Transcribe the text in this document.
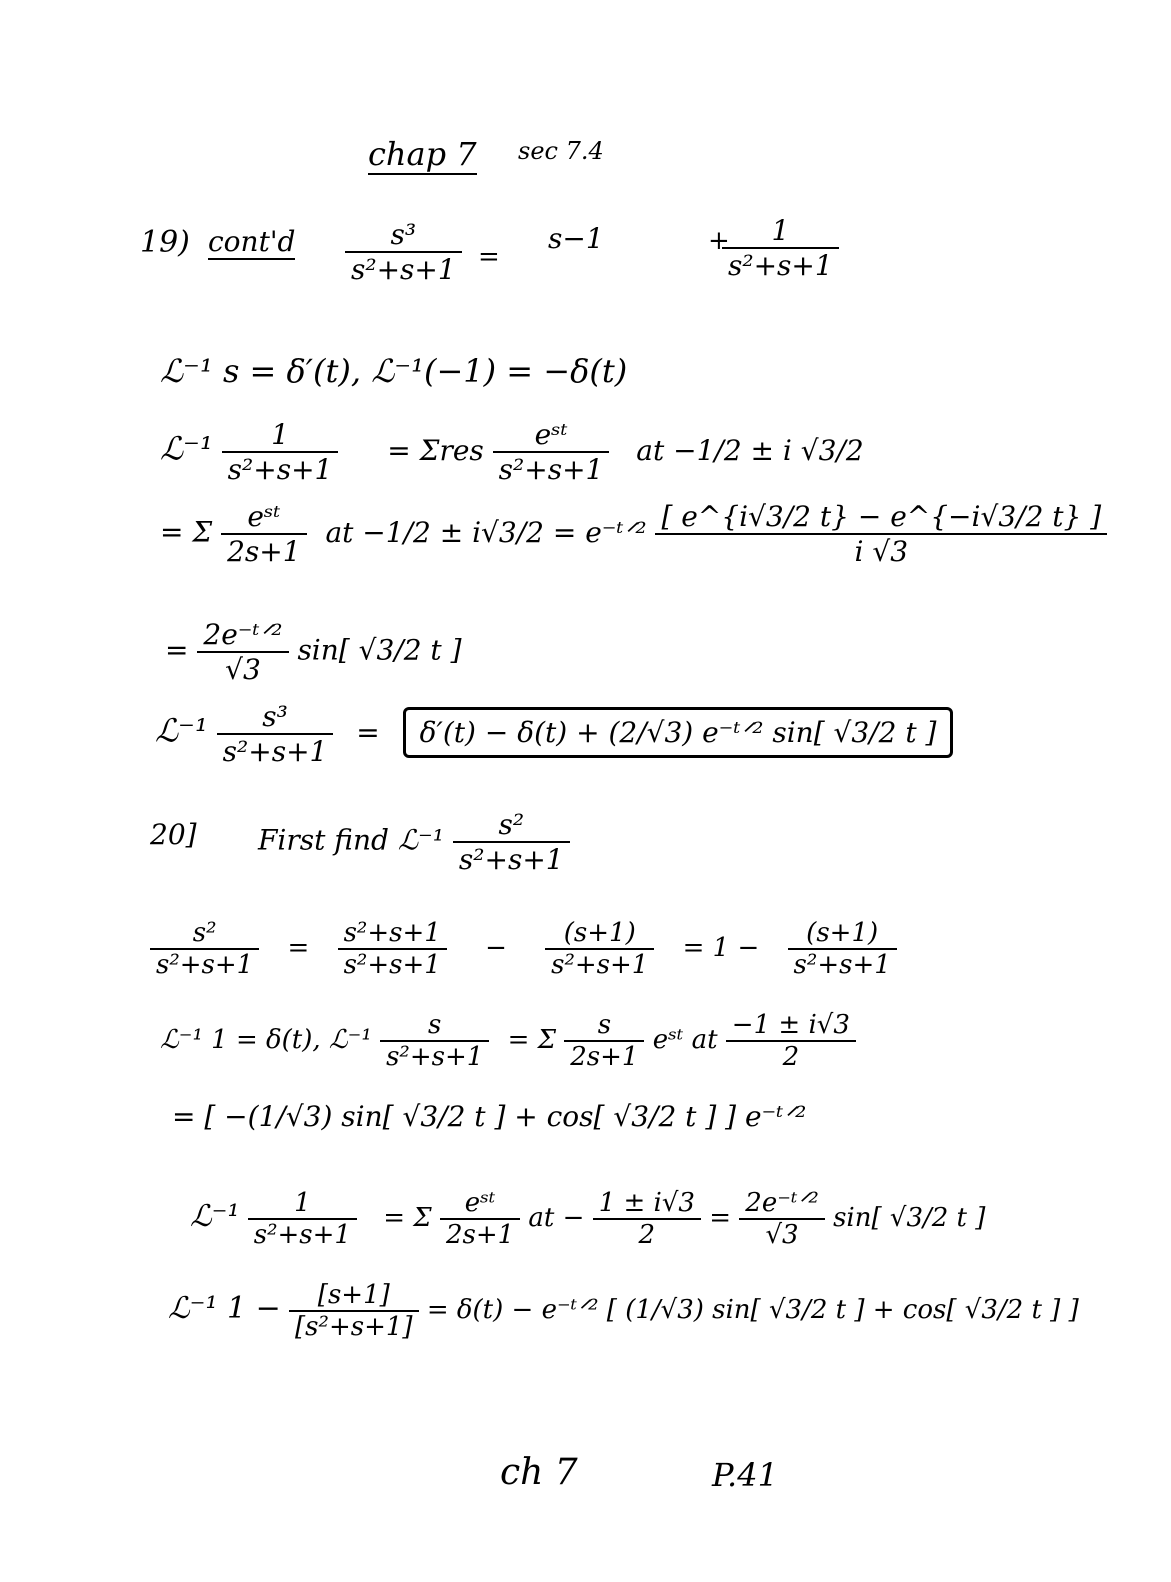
chap 7 sec 7.4
19) cont'd $\frac{\text{s³}}{\text{s²+s+1}}$ =
s−1	+
$\frac{1}{\text{s²+s+1}}$
ℒ⁻¹ s = δ′(t), ℒ⁻¹(−1) = −δ(t)
ℒ⁻¹ $\frac{1}{\text{s²+s+1}} = \Sigma res \frac{\text{eˢᵗ}}{\text{s²+s+1}}$ at −1/2 ± i √3/2
= Σ $\frac{\text{eˢᵗ}}{2s+1}$ at −1/2 ± i√3/2 = e⁻ᵗᐟ² $\frac{[ e\^{}\{i√3/2 t\} - e\^{}\{-i√3/2 t\} ]}{i √3}$
= $\frac{\text{2e⁻ᵗᐟ²}}{√3} \sin$[ √3/2 t ]
ℒ⁻¹ $\frac{\text{s³}}{\text{s²+s+1}} = \delta'(t) - \delta(t) + (2/√3)$ e⁻ᵗᐟ² sin[ √3/2 t ]
20] First find ℒ⁻¹ $\frac{\text{s²}}{\text{s²+s+1}}$
$\frac{\text{s²}}{\text{s²+s+1}} = \frac{\text{s²+s+1}}{\text{s²+s+1}} - \frac{(s+1)}{\text{s²+s+1}} = 1 - \frac{(s+1)}{\text{s²+s+1}}$
ℒ⁻¹ 1 = δ(t), ℒ⁻¹ $\frac{s}{\text{s²+s+1}} = \Sigma \frac{s}{2s+1}$ eˢᵗ at $\frac{-1 \pm i√3}{2}$
= [ −(1/√3) sin[ √3/2 t ] + cos[ √3/2 t ] ] e⁻ᵗᐟ²
ℒ⁻¹ $\frac{1}{\text{s²+s+1}} = \Sigma \frac{\text{eˢᵗ}}{2s+1}$ at − $\frac{1 \pm i√3}{2} = \frac{\text{2e⁻ᵗᐟ²}}{√3} \sin$[ √3/2 t ]
ℒ⁻¹ $1 - \frac{[s+1]}{\text{[s²+s+1]}} = \delta(t)$ − e⁻ᵗᐟ² [ (1/√3) sin[ √3/2 t ] + cos[ √3/2 t ] ]
ch 7	P.41
